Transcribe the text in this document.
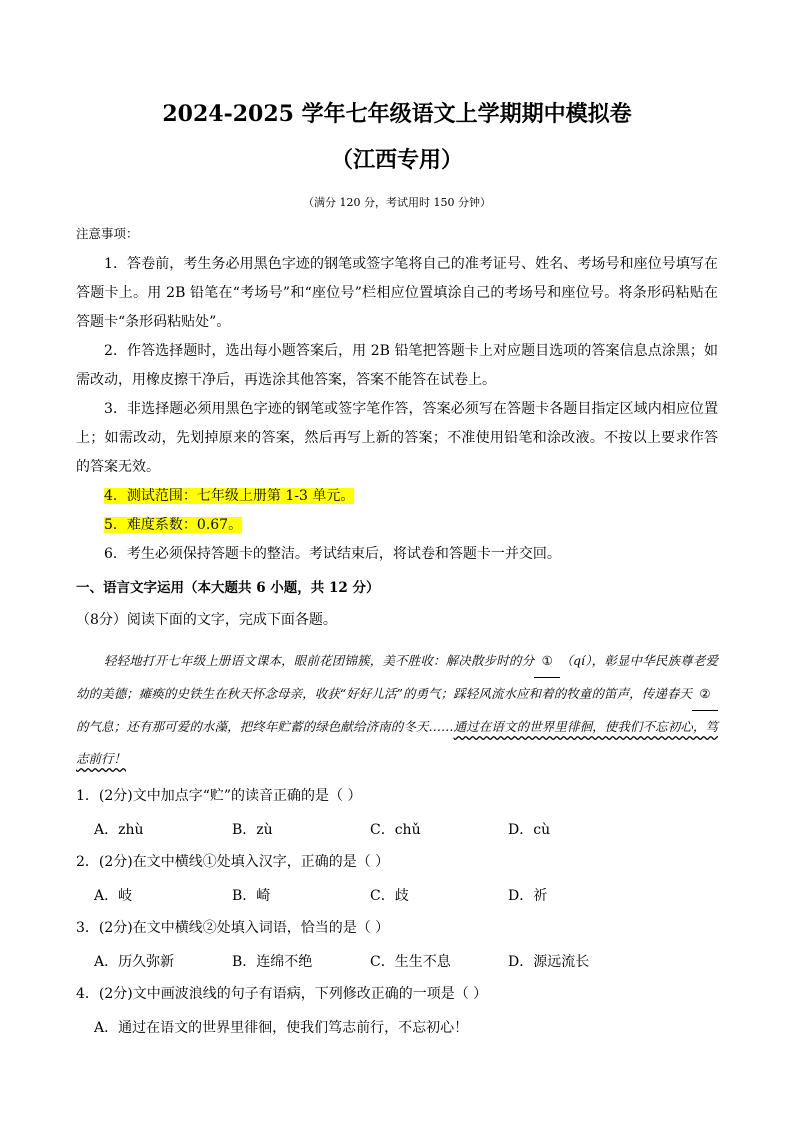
2024-2025 学年七年级语文上学期期中模拟卷
（江西专用）
（满分 120 分，考试用时 150 分钟）
注意事项：

1．答卷前，考生务必用黑色字迹的钢笔或签字笔将自己的准考证号、姓名、考场号和座位号填写在答题卡上。用 2B 铅笔在“考场号”和“座位号”栏相应位置填涂自己的考场号和座位号。将条形码粘贴在答题卡“条形码粘贴处”。

2．作答选择题时，选出每小题答案后，用 2B 铅笔把答题卡上对应题目选项的答案信息点涂黑；如需改动，用橡皮擦干净后，再选涂其他答案，答案不能答在试卷上。

3．非选择题必须用黑色字迹的钢笔或签字笔作答，答案必须写在答题卡各题目指定区域内相应位置上；如需改动，先划掉原来的答案，然后再写上新的答案；不准使用铅笔和涂改液。不按以上要求作答的答案无效。

4．测试范围：七年级上册第 1-3 单元。

5．难度系数：0.67。

6．考生必须保持答题卡的整洁。考试结束后，将试卷和答题卡一并交回。

一、语言文字运用（本大题共 6 小题，共 12 分）
（8分）阅读下面的文字，完成下面各题。

轻轻地打开七年级上册语文课本，眼前花团锦簇，美不胜收：解决散步时的分 ① （qí），彰显中华民族尊老爱幼的美德；瘫痪的史铁生在秋天怀念母亲，收获“好好儿活”的勇气；踩轻风流水应和着的牧童的笛声，传递春天 ②的气息；还有那可爱的水藻，把终年贮蓄的绿色献给济南的冬天……通过在语文的世界里徘徊，使我们不忘初心，笃志前行！

1．(2分)文中加点字“贮”的读音正确的是（ ）
A．zhù	B．zù	C．chǔ	D．cù
2．(2分)在文中横线①处填入汉字，正确的是（ ）
A．岐	B．崎	C．歧	D．祈
3．(2分)在文中横线②处填入词语，恰当的是（ ）
A．历久弥新	B．连绵不绝	C．生生不息	D．源远流长
4．(2分)文中画波浪线的句子有语病，下列修改正确的一项是（ ）
A．通过在语文的世界里徘徊，使我们笃志前行，不忘初心！
